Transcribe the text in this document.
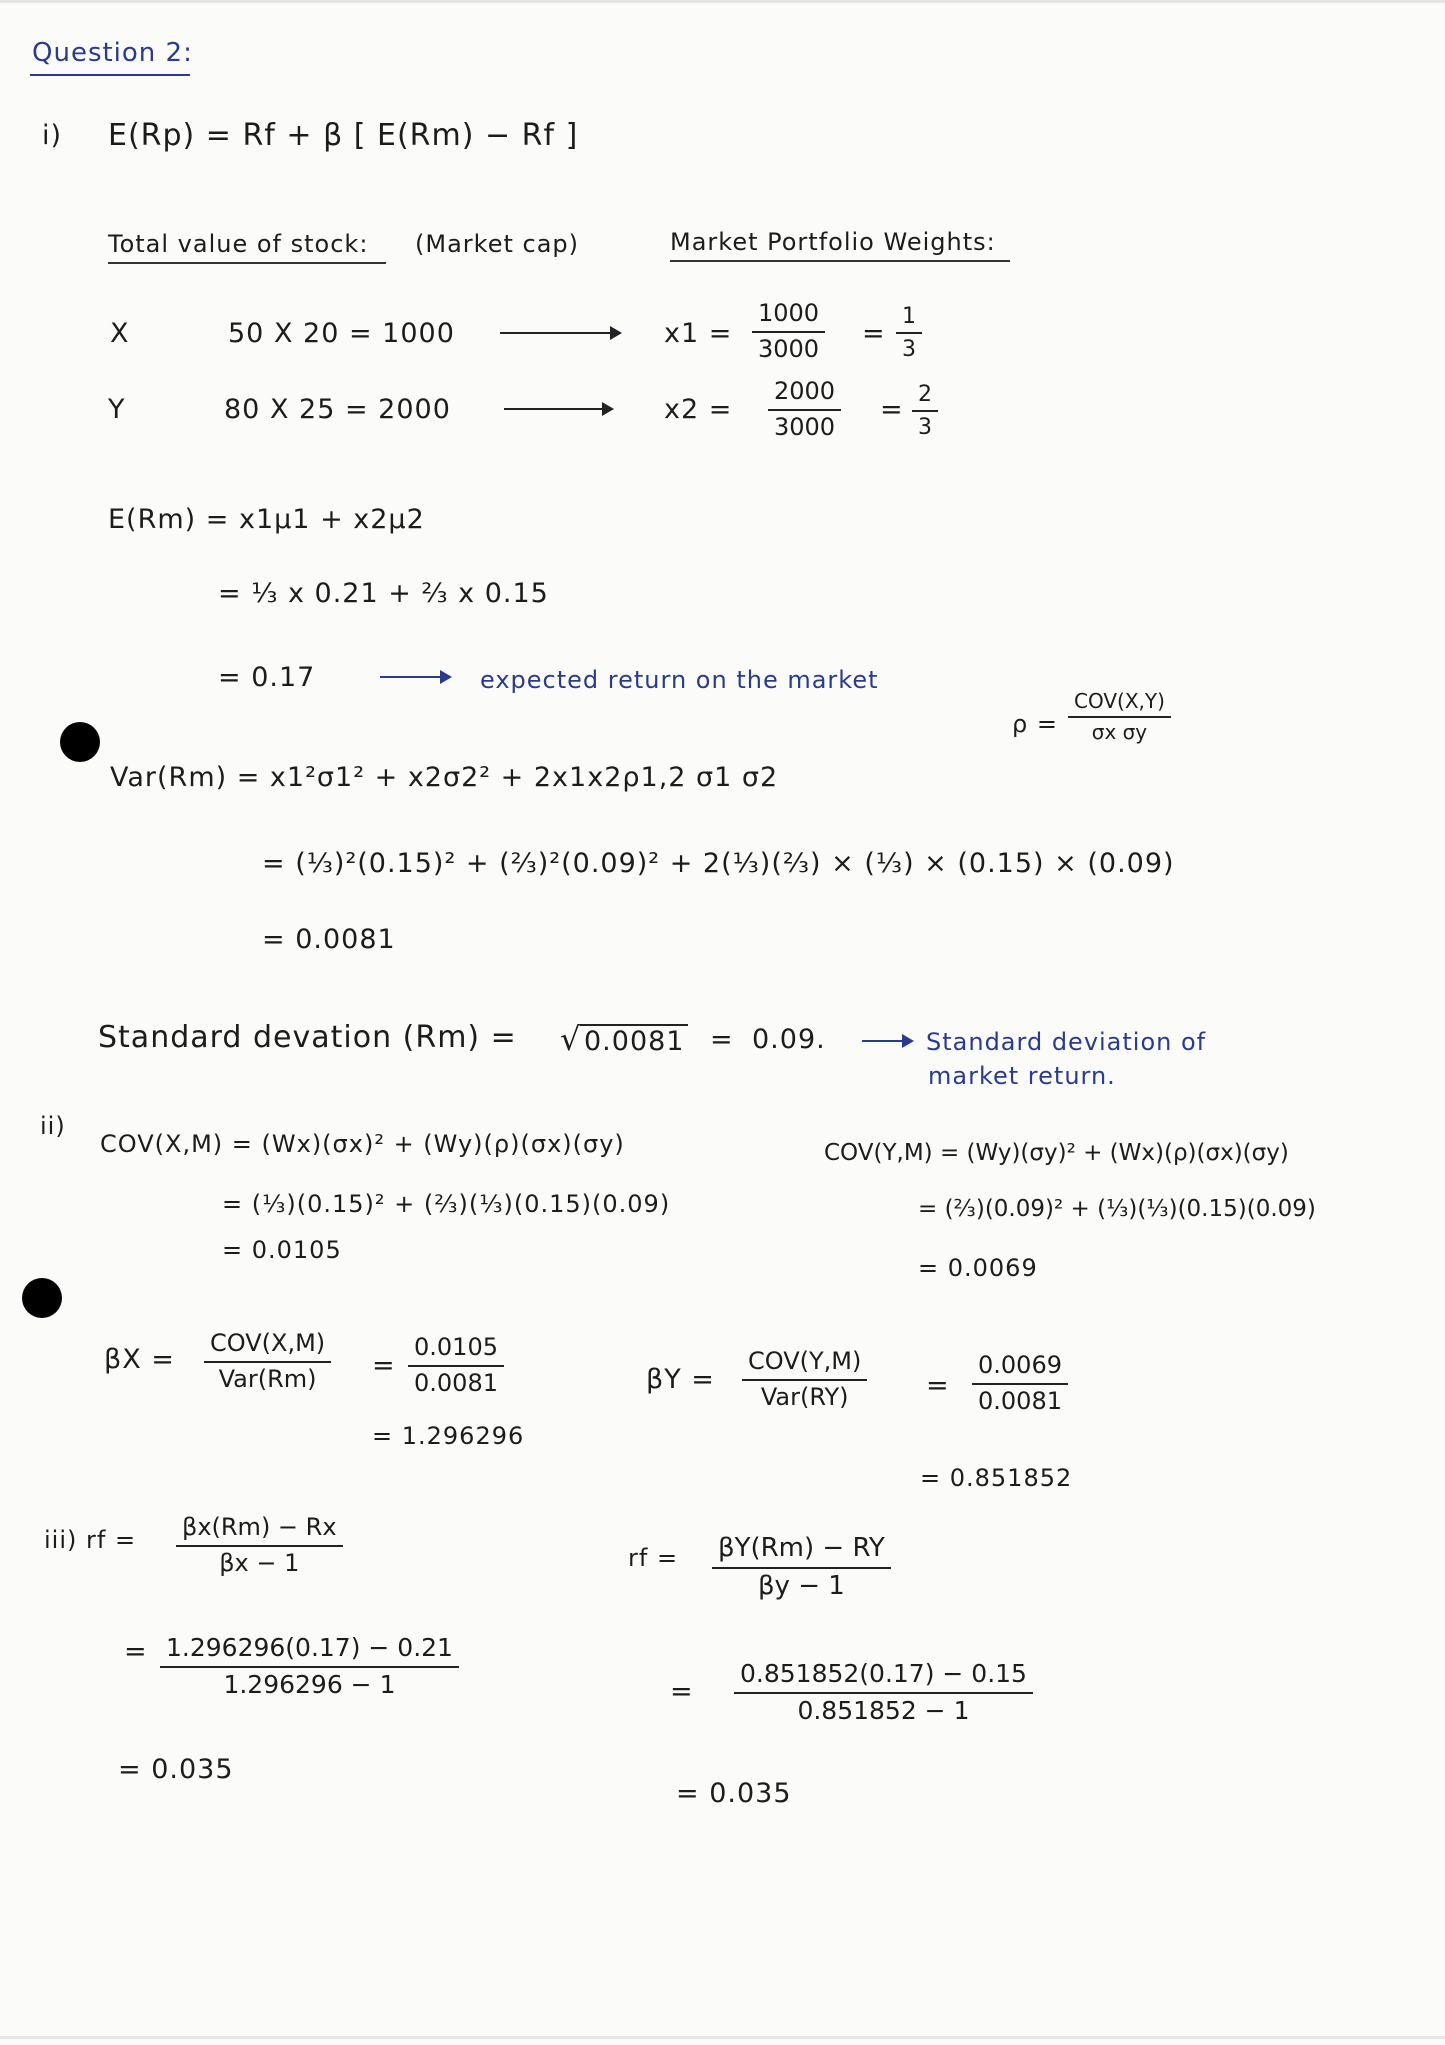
Question 2:
i) E(Rp) = Rf + β [ E(Rm) − Rf ]
Total value of stock: (Market cap)	Market Portfolio Weights:
X	50 X 20 = 1000	$x1 = \frac{1000}{3000} = \frac{1}{3}$
Y	80 X 25 = 2000	$x2 = \frac{2000}{3000} = \frac{2}{3}$
E(Rm) = x1μ1 + x2μ2
= ⅓ x 0.21 + ⅔ x 0.15
= 0.17	expected return on the market
ρ =
COV(X,Y)
σx σy
Var(Rm) = x1²σ1² + x2σ2² + 2x1x2ρ1,2 σ1 σ2
= (⅓)²(0.15)² + (⅔)²(0.09)² + 2(⅓)(⅔) × (⅓) × (0.15) × (0.09)
= 0.0081
Standard devation (Rm) =
√ 0.0081 = 0.09.	Standard deviation of
market return.
ii)
COV(X,M) = (Wx)(σx)² + (Wy)(ρ)(σx)(σy)
= (⅓)(0.15)² + (⅔)(⅓)(0.15)(0.09)
= 0.0105
COV(Y,M) = (Wy)(σy)² + (Wx)(ρ)(σx)(σy)
= (⅔)(0.09)² + (⅓)(⅓)(0.15)(0.09)
= 0.0069
βX =
COV(X,M)
$Var(Rm) = \frac{0.0105}{0.0081}$
= 1.296296
βY =
COV(Y,M)
Var(RY)	= $\frac{0.0069}{0.0081}$
= 0.851852
iii) rf = $\frac{\beta x(Rm) - Rx}{\beta x - 1}$
= $\frac{1.296296(0.17) - 0.21}{1.296296 - 1}$
= 0.035
rf = $\frac{\beta Y(Rm) - RY}{\beta y - 1}$
= $\frac{0.851852(0.17) - 0.15}{0.851852 - 1}$
= 0.035
